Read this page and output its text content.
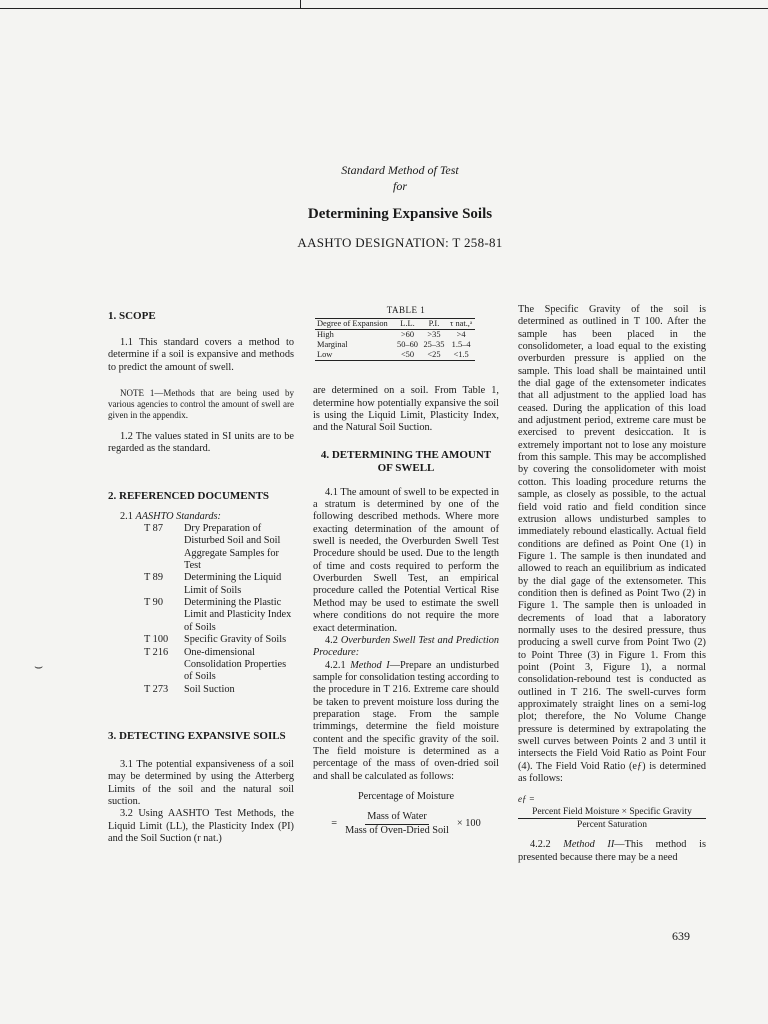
Standard Method of Test
for
Determining Expansive Soils
AASHTO DESIGNATION: T 258-81
1. SCOPE

1.1 This standard covers a method to determine if a soil is expansive and methods to predict the amount of swell.

NOTE 1—Methods that are being used by various agencies to control the amount of swell are given in the appendix.

1.2 The values stated in SI units are to be regarded as the standard.

2. REFERENCED DOCUMENTS
2.1 AASHTO Standards:
T 87	Dry Preparation of Disturbed Soil and Soil Aggregate Samples for Test
T 89	Determining the Liquid Limit of Soils
T 90	Determining the Plastic Limit and Plasticity Index of Soils
T 100	Specific Gravity of Soils
T 216	One-dimensional Consolidation Properties of Soils
T 273	Soil Suction
3. DETECTING EXPANSIVE SOILS

3.1 The potential expansiveness of a soil may be determined by using the Atterberg Limits of the soil and the natural soil suction.

3.2 Using AASHTO Test Methods, the Liquid Limit (LL), the Plasticity Index (PI) and the Soil Suction (r nat.)

TABLE 1
Degree of Expansion	L.L.	P.I.	τ nat.,ᵃ
High	>60	>35	>4
Marginal	50–60	25–35	1.5–4
Low	<50	<25	<1.5

are determined on a soil. From Table 1, determine how potentially expansive the soil is using the Liquid Limit, Plasticity Index, and the Natural Soil Suction.

4. DETERMINING THE AMOUNT OF SWELL

4.1 The amount of swell to be expected in a stratum is determined by one of the following described methods. Where more exacting determination of the amount of swell is needed, the Overburden Swell Test Procedure should be used. Due to the length of time and costs required to perform the Overburden Swell Test, an empirical procedure called the Potential Vertical Rise Method may be used to estimate the swell where conditions do not require the more exact determination.

4.2 Overburden Swell Test and Prediction Procedure:

4.2.1 Method I—Prepare an undisturbed sample for consolidation testing according to the procedure in T 216. Extreme care should be taken to prevent moisture loss during the preparation stage. From the sample trimmings, determine the field moisture content and the specific gravity of the soil. The field moisture is determined as a percentage of the mass of oven-dried soil and shall be calculated as follows:

Percentage of Moisture
= $\frac{\text{Mass of Water}}{\text{Mass of Oven-Dried Soil}} \times 100$

The Specific Gravity of the soil is determined as outlined in T 100. After the sample has been placed in the consolidometer, a load equal to the existing overburden pressure is applied on the sample. This load shall be maintained until the dial gage of the extensometer indicates that all adjustment to the applied load has ceased. During the application of this load and adjustment period, extreme care must be exercised to prevent desiccation. It is extremely important not to lose any moisture from this sample. This may be accomplished by covering the consolidometer with moist cotton. This loading procedure returns the sample, as closely as possible, to the actual field void ratio and field condition since extrusion allows undisturbed samples to immediately rebound elastically. Actual field conditions are defined as Point One (1) in Figure 1. The sample is then inundated and allowed to reach an equilibrium as indicated by the dial gage of the extensometer. This condition then is defined as Point Two (2) in Figure 1. The sample then is unloaded in decrements of load that a laboratory normally uses to the desired pressure, thus producing a swell curve from Point Two (2) to Point Three (3) in Figure 1. From this point (Point 3, Figure 1), a normal consolidation-rebound test is conducted as outlined in T 216. The swell-curves form approximately straight lines on a semi-log plot; therefore, the No Volume Change pressure is determined by extrapolating the swell curves between Points 2 and 3 until it intersects the Field Void Ratio as Point Four (4). The Field Void Ratio (eƒ) is determined as follows:

eƒ =
Percent Field Moisture × Specific Gravity
Percent Saturation

4.2.2 Method II—This method is presented because there may be a need

639
⌣
